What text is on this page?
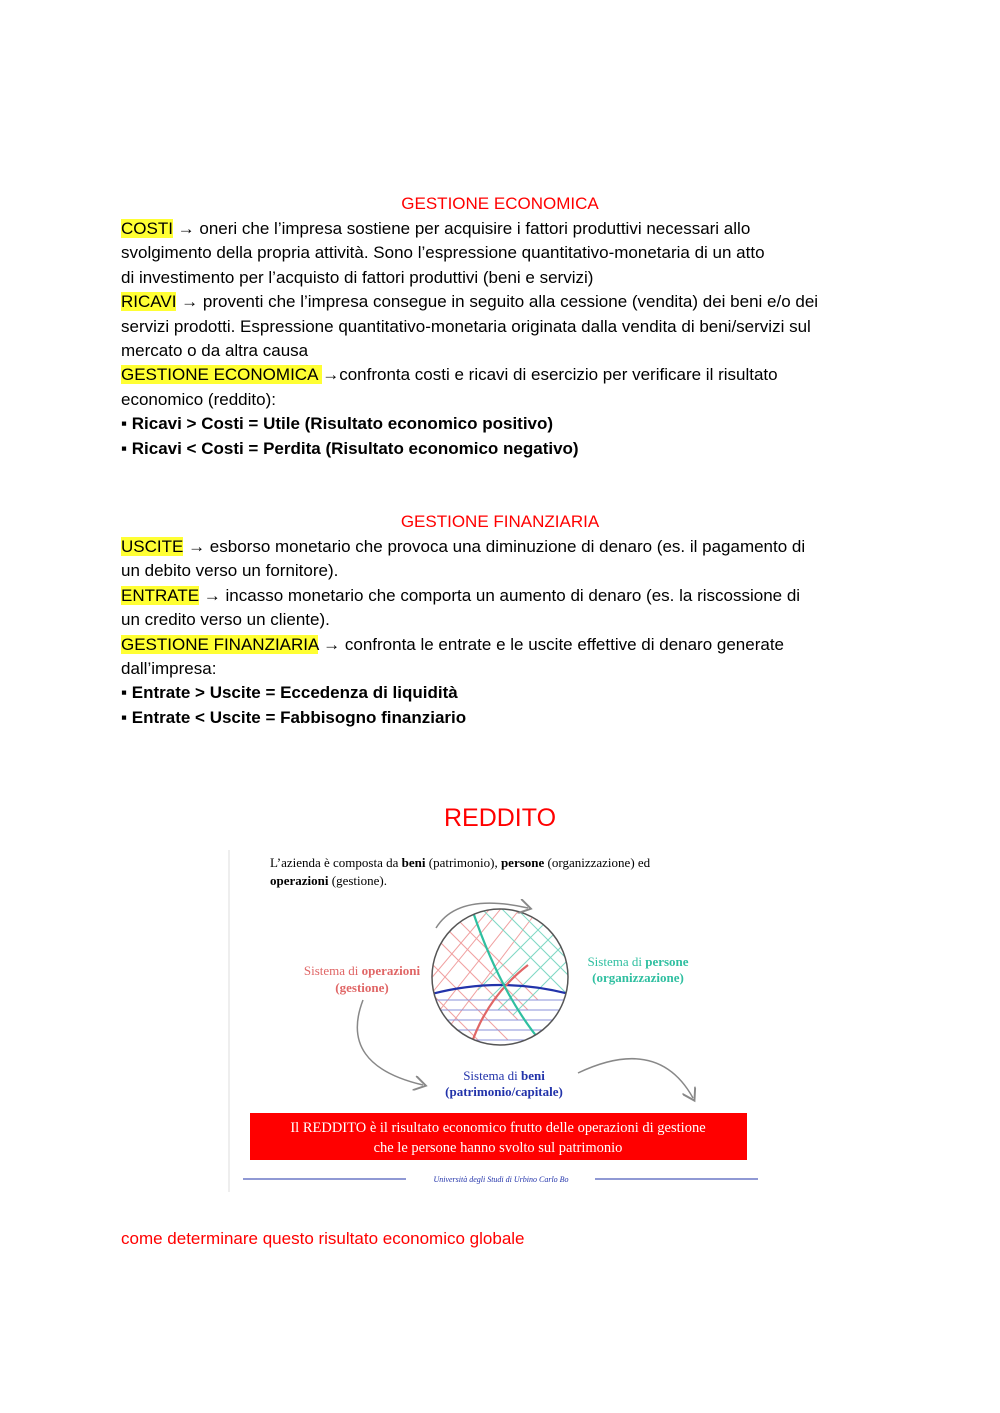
GESTIONE ECONOMICA
COSTI → oneri che l’impresa sostiene per acquisire i fattori produttivi necessari allo
svolgimento della propria attività. Sono l’espressione quantitativo-monetaria di un atto
di investimento per l’acquisto di fattori produttivi (beni e servizi)
RICAVI → proventi che l’impresa consegue in seguito alla cessione (vendita) dei beni e/o dei
servizi prodotti. Espressione quantitativo-monetaria originata dalla vendita di beni/servizi sul
mercato o da altra causa
GESTIONE ECONOMICA →confronta costi e ricavi di esercizio per verificare il risultato
economico (reddito):
▪ Ricavi > Costi = Utile (Risultato economico positivo)
▪ Ricavi < Costi = Perdita (Risultato economico negativo)
GESTIONE FINANZIARIA
USCITE → esborso monetario che provoca una diminuzione di denaro (es. il pagamento di
un debito verso un fornitore).
ENTRATE → incasso monetario che comporta un aumento di denaro (es. la riscossione di
un credito verso un cliente).
GESTIONE FINANZIARIA → confronta le entrate e le uscite effettive di denaro generate
dall’impresa:
▪ Entrate > Uscite = Eccedenza di liquidità
▪ Entrate < Uscite = Fabbisogno finanziario
REDDITO
L’azienda è composta da beni (patrimonio), persone (organizzazione) ed
operazioni (gestione).
Sistema di operazioni
(gestione)
Sistema di persone
(organizzazione)
Sistema di beni
(patrimonio/capitale)
Il REDDITO è il risultato economico frutto delle operazioni di gestione
che le persone hanno svolto sul patrimonio
Università degli Studi di Urbino Carlo Bo
come determinare questo risultato economico globale
